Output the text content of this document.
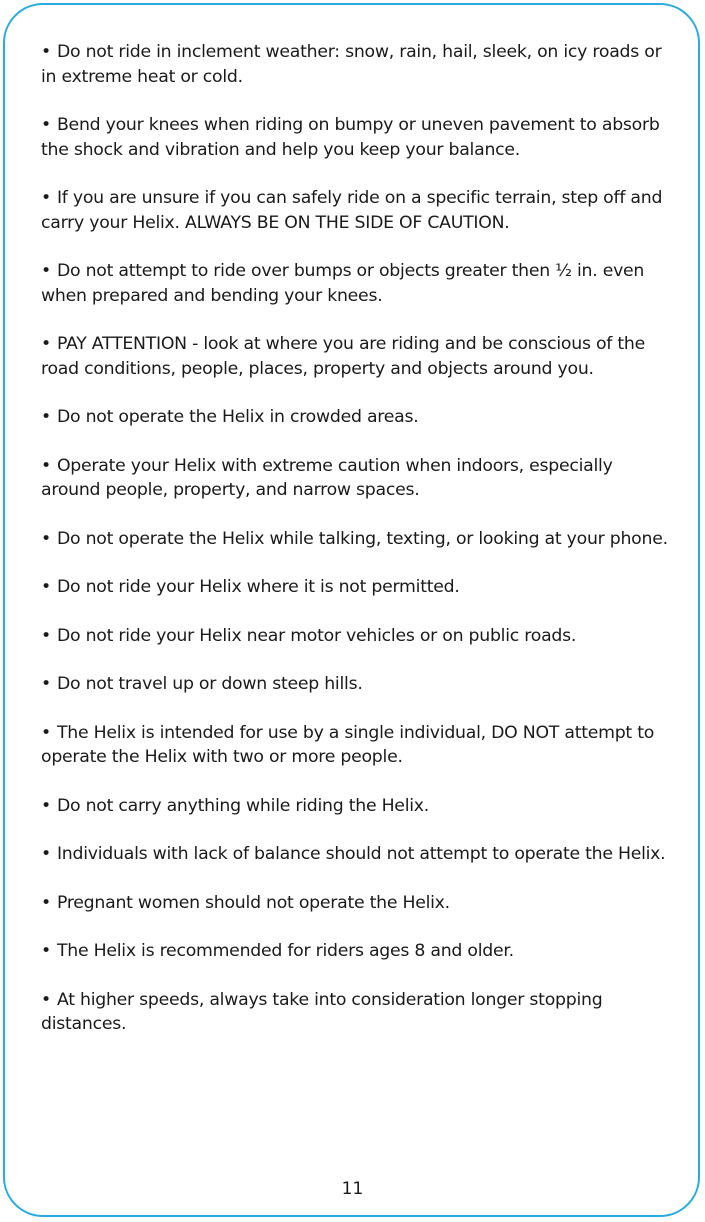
• Do not ride in inclement weather: snow, rain, hail, sleek, on icy roads or in extreme heat or cold.

• Bend your knees when riding on bumpy or uneven pavement to absorb the shock and vibration and help you keep your balance.

• If you are unsure if you can safely ride on a specific terrain, step off and carry your Helix. ALWAYS BE ON THE SIDE OF CAUTION.

• Do not attempt to ride over bumps or objects greater then ½ in. even when prepared and bending your knees.

• PAY ATTENTION - look at where you are riding and be conscious of the road conditions, people, places, property and objects around you.

• Do not operate the Helix in crowded areas.

• Operate your Helix with extreme caution when indoors, especially around people, property, and narrow spaces.

• Do not operate the Helix while talking, texting, or looking at your phone.

• Do not ride your Helix where it is not permitted.

• Do not ride your Helix near motor vehicles or on public roads.

• Do not travel up or down steep hills.

• The Helix is intended for use by a single individual, DO NOT attempt to operate the Helix with two or more people.

• Do not carry anything while riding the Helix.

• Individuals with lack of balance should not attempt to operate the Helix.

• Pregnant women should not operate the Helix.

• The Helix is recommended for riders ages 8 and older.

• At higher speeds, always take into consideration longer stopping distances.

11
